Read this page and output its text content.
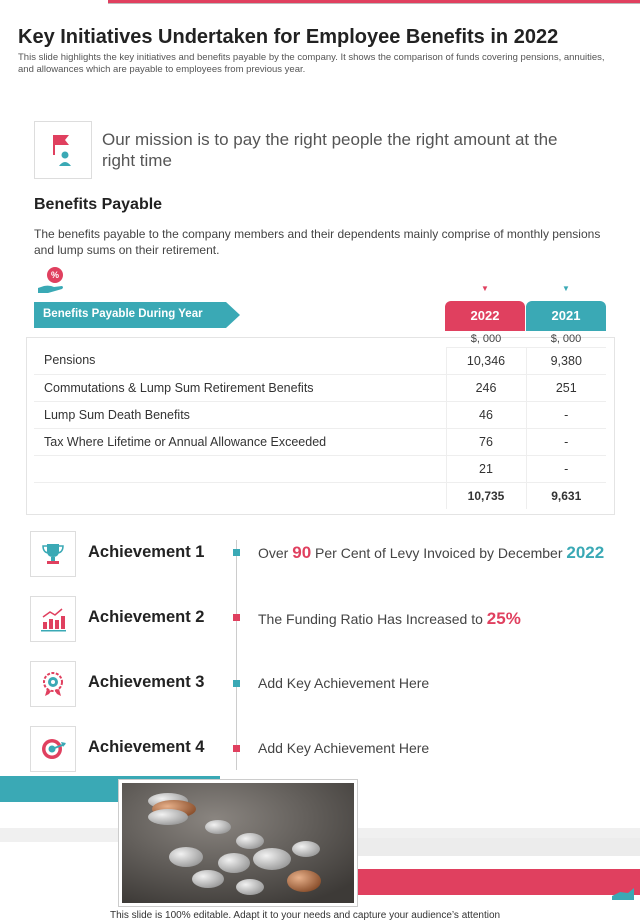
Key Initiatives Undertaken for Employee Benefits in 2022
This slide highlights the key initiatives and benefits payable by the company. It shows the comparison of funds covering pensions, annuities, and allowances which are payable to employees from previous year.
Our mission is to pay the right people the right amount at the right time
Benefits Payable
The benefits payable to the company members and their dependents mainly comprise of monthly pensions and lump sums on their retirement.
%
Benefits Payable During Year
▼	▼
2022	2021
	$, 000	$, 000
Pensions	10,346	9,380
Commutations & Lump Sum Retirement Benefits	246	251
Lump Sum Death Benefits	46	-
Tax Where Lifetime or Annual Allowance Exceeded	76	-
	21	-
	10,735	9,631
Achievement 1	Over 90 Per Cent of Levy Invoiced by December 2022
Achievement 2	The Funding Ratio Has Increased to 25%
Achievement 3	Add Key Achievement Here
Achievement 4	Add Key Achievement Here
This slide is 100% editable. Adapt it to your needs and capture your audience’s attention
